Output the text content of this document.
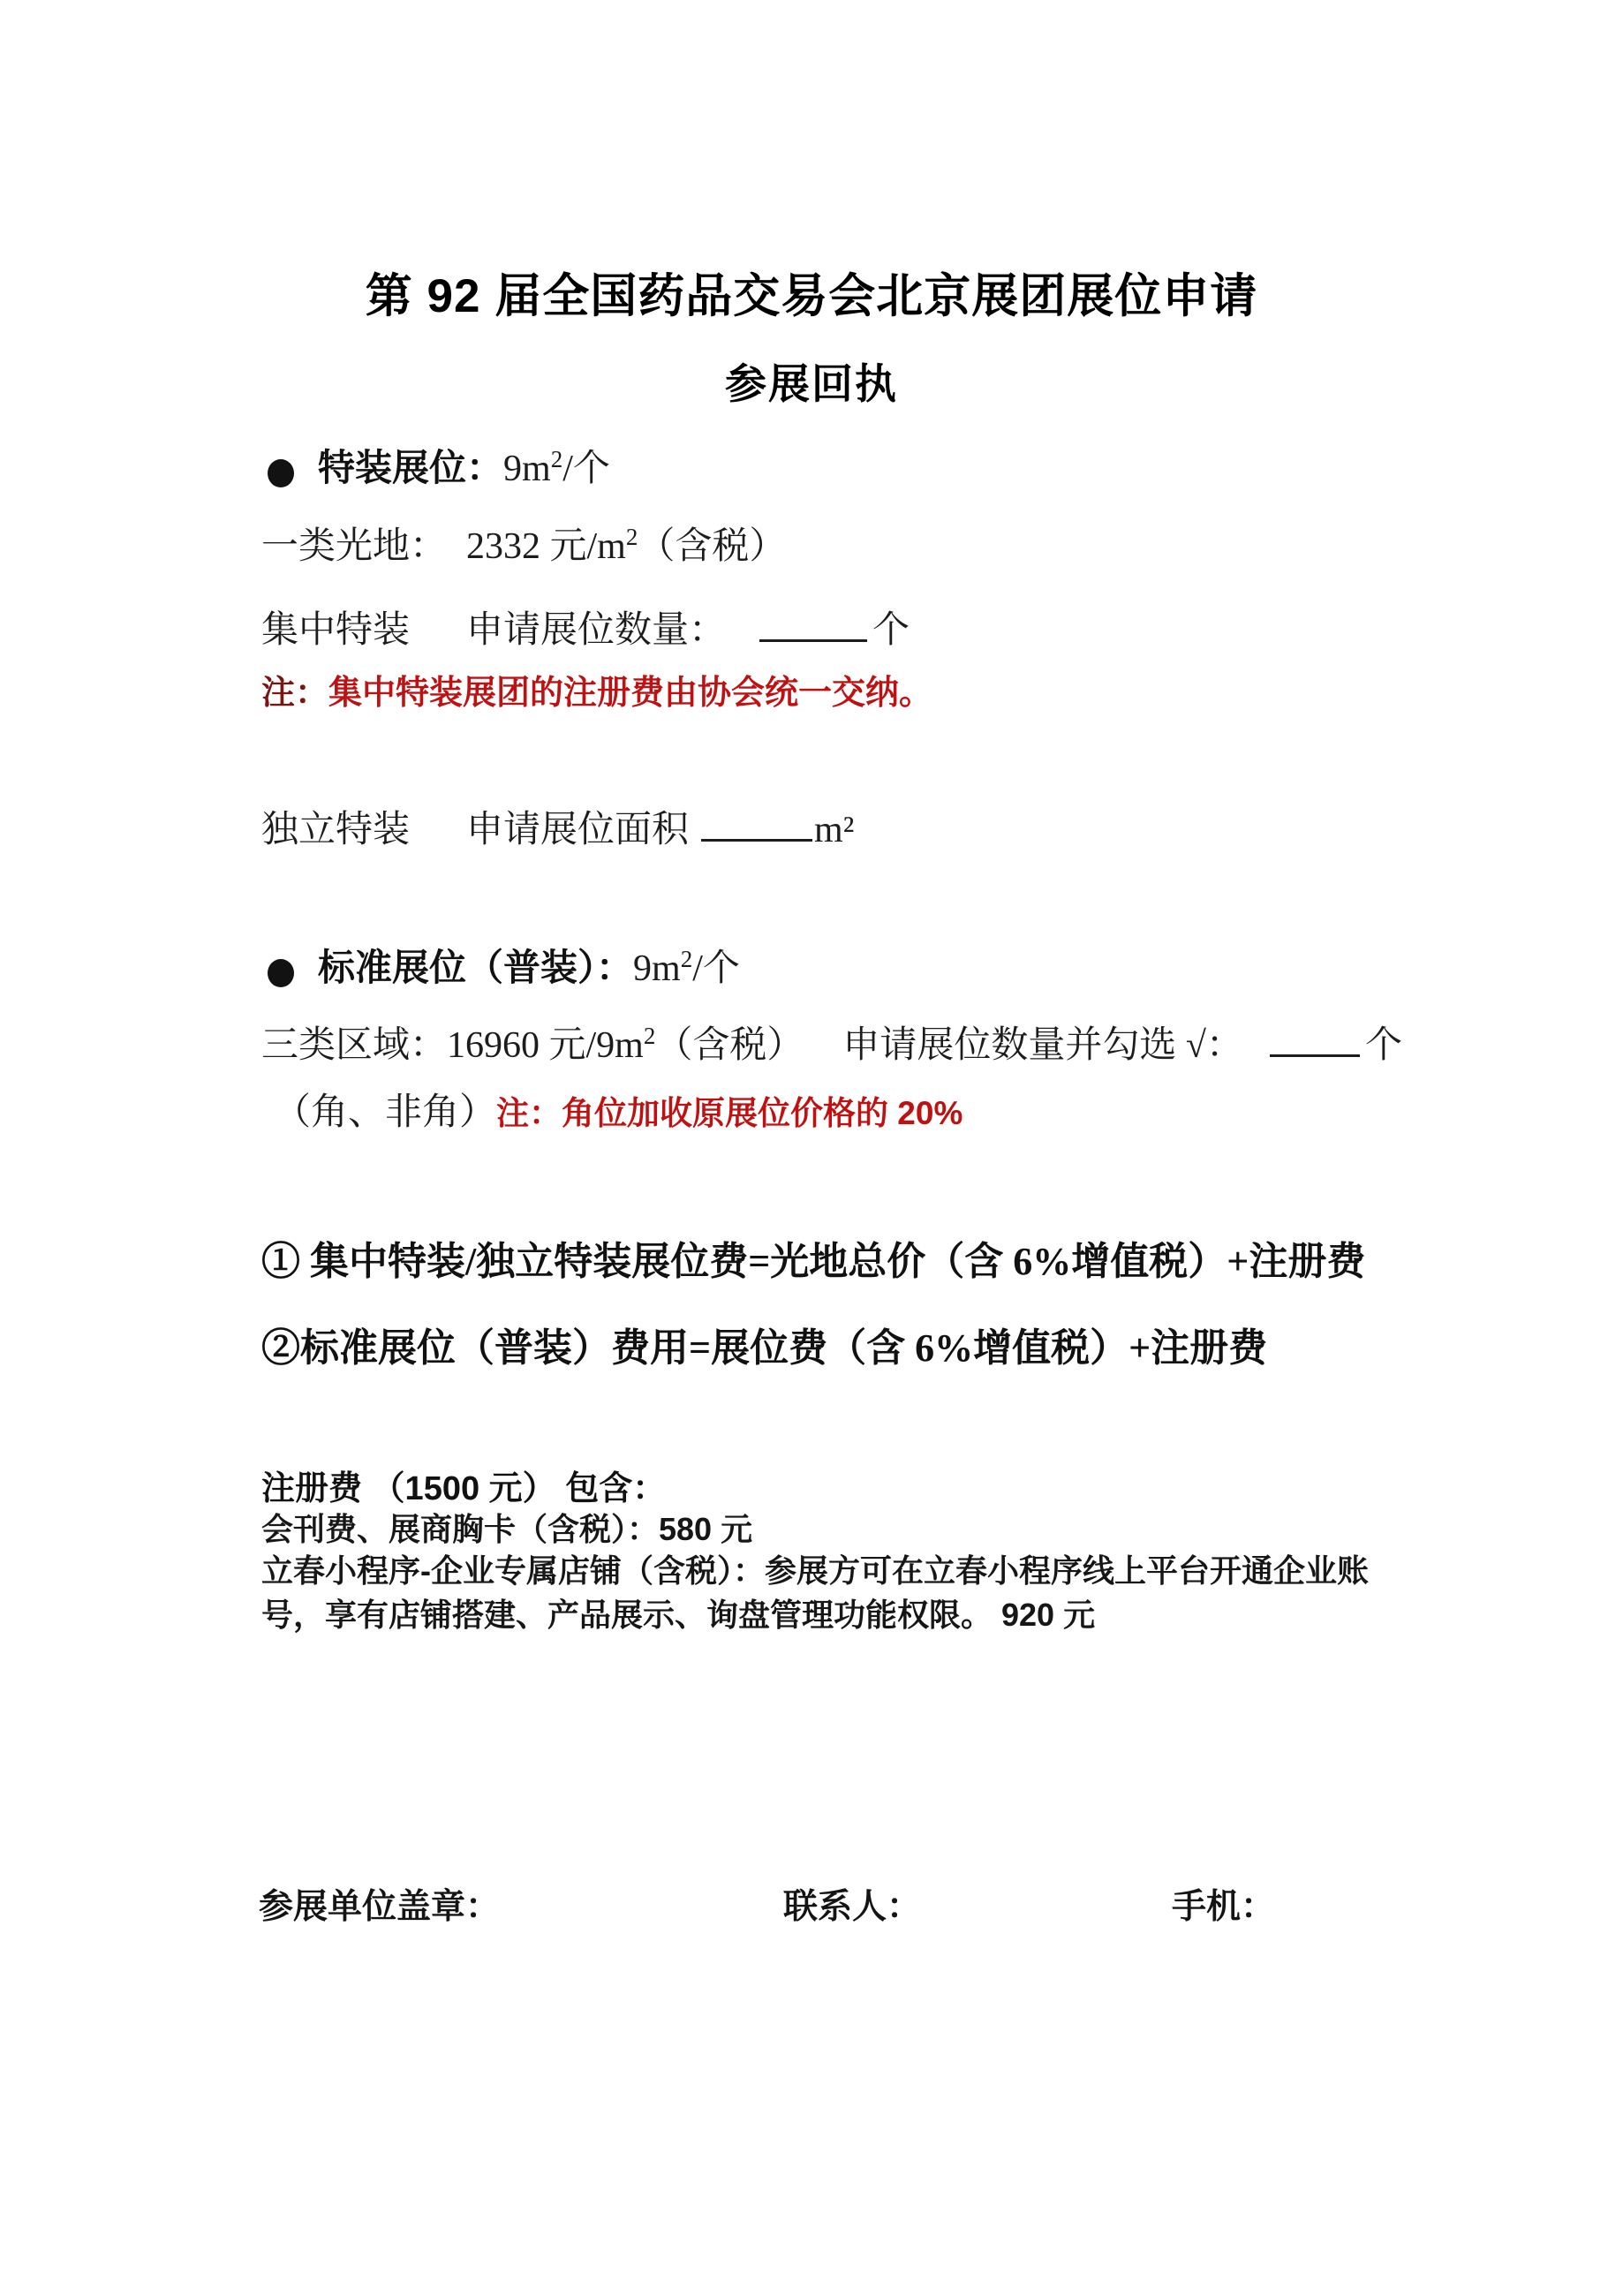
第 92 届全国药品交易会北京展团展位申请
参展回执
特装展位：$9m^2/$个
一类光地： 2332 元$/m^2$（含税）
集中特装 申请展位数量：	个
注：集中特装展团的注册费由协会统一交纳。
独立特装 申请展位面积	m²
标准展位（普装）：$9m^2/$个
三类区域：16960 元$/9m^2$（含税） 申请展位数量并勾选 √：	个
（角、非角）注：角位加收原展位价格的 20%
① 集中特装/独立特装展位费=光地总价（含 6%增值税）+注册费
②标准展位（普装）费用=展位费（含 6%增值税）+注册费
注册费 （1500 元） 包含：
会刊费、展商胸卡（含税）：580 元
立春小程序-企业专属店铺（含税）：参展方可在立春小程序线上平台开通企业账号，享有店铺搭建、产品展示、询盘管理功能权限。 920 元
参展单位盖章：	联系人：	手机：
